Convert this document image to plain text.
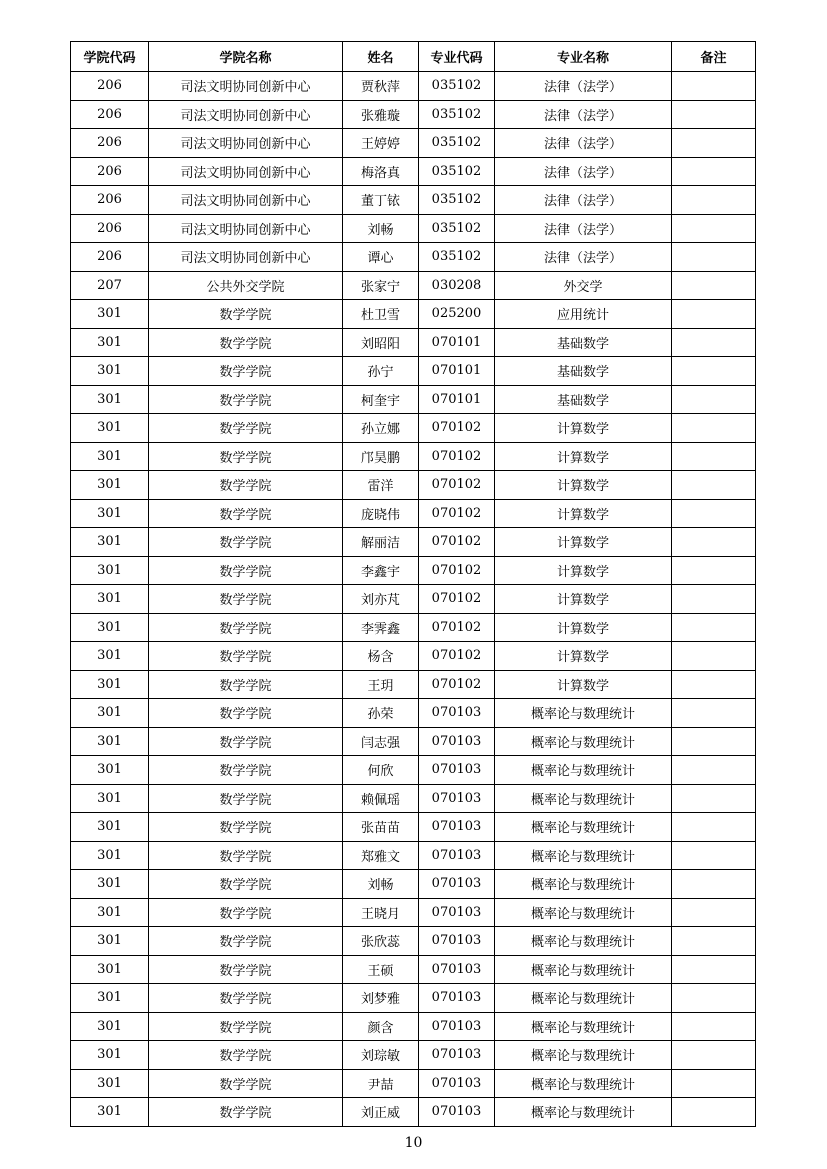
学院代码	学院名称	姓名	专业代码	专业名称	备注
206	司法文明协同创新中心	贾秋萍	035102	法律（法学）	
206	司法文明协同创新中心	张雅璇	035102	法律（法学）	
206	司法文明协同创新中心	王婷婷	035102	法律（法学）	
206	司法文明协同创新中心	梅洛真	035102	法律（法学）	
206	司法文明协同创新中心	董丁铱	035102	法律（法学）	
206	司法文明协同创新中心	刘畅	035102	法律（法学）	
206	司法文明协同创新中心	谭心	035102	法律（法学）	
207	公共外交学院	张家宁	030208	外交学	
301	数学学院	杜卫雪	025200	应用统计	
301	数学学院	刘昭阳	070101	基础数学	
301	数学学院	孙宁	070101	基础数学	
301	数学学院	柯奎宇	070101	基础数学	
301	数学学院	孙立娜	070102	计算数学	
301	数学学院	邝昊鹏	070102	计算数学	
301	数学学院	雷洋	070102	计算数学	
301	数学学院	庞晓伟	070102	计算数学	
301	数学学院	解丽洁	070102	计算数学	
301	数学学院	李鑫宇	070102	计算数学	
301	数学学院	刘亦芃	070102	计算数学	
301	数学学院	李霁鑫	070102	计算数学	
301	数学学院	杨含	070102	计算数学	
301	数学学院	王玥	070102	计算数学	
301	数学学院	孙荣	070103	概率论与数理统计	
301	数学学院	闫志强	070103	概率论与数理统计	
301	数学学院	何欣	070103	概率论与数理统计	
301	数学学院	赖佩瑶	070103	概率论与数理统计	
301	数学学院	张苗苗	070103	概率论与数理统计	
301	数学学院	郑雅文	070103	概率论与数理统计	
301	数学学院	刘畅	070103	概率论与数理统计	
301	数学学院	王晓月	070103	概率论与数理统计	
301	数学学院	张欣蕊	070103	概率论与数理统计	
301	数学学院	王硕	070103	概率论与数理统计	
301	数学学院	刘梦雅	070103	概率论与数理统计	
301	数学学院	颜含	070103	概率论与数理统计	
301	数学学院	刘琮敏	070103	概率论与数理统计	
301	数学学院	尹喆	070103	概率论与数理统计	
301	数学学院	刘正威	070103	概率论与数理统计	
10
